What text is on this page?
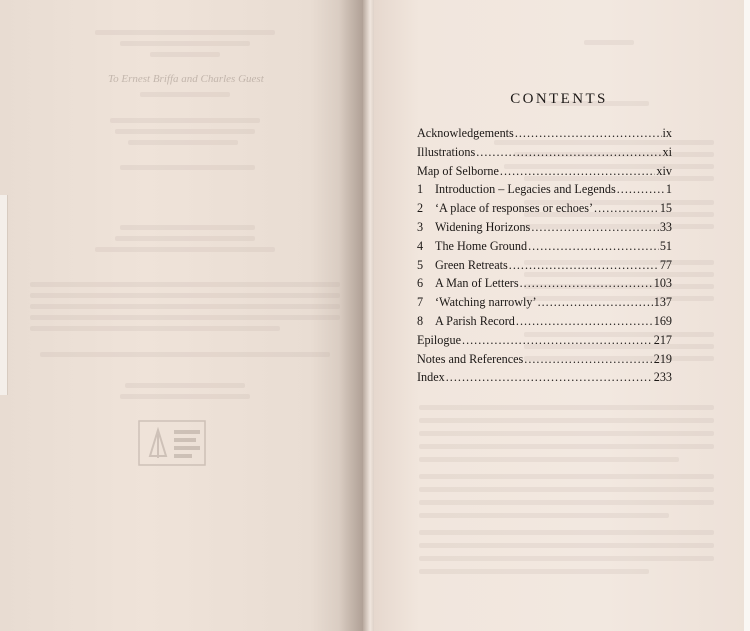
To Ernest Briffa and Charles Guest
CONTENTS
Acknowledgements .....	ix
Illustrations .....	xi
Map of Selborne .....	xiv
1 Introduction – Legacies and Legends .....	1
2 ‘A place of responses or echoes’ .....	15
3 Widening Horizons .....	33
4 The Home Ground .....	51
5 Green Retreats .....	77
6 A Man of Letters .....	103
7 ‘Watching narrowly’ .....	137
8 A Parish Record .....	169
Epilogue .....	217
Notes and References .....	219
Index .....	233
